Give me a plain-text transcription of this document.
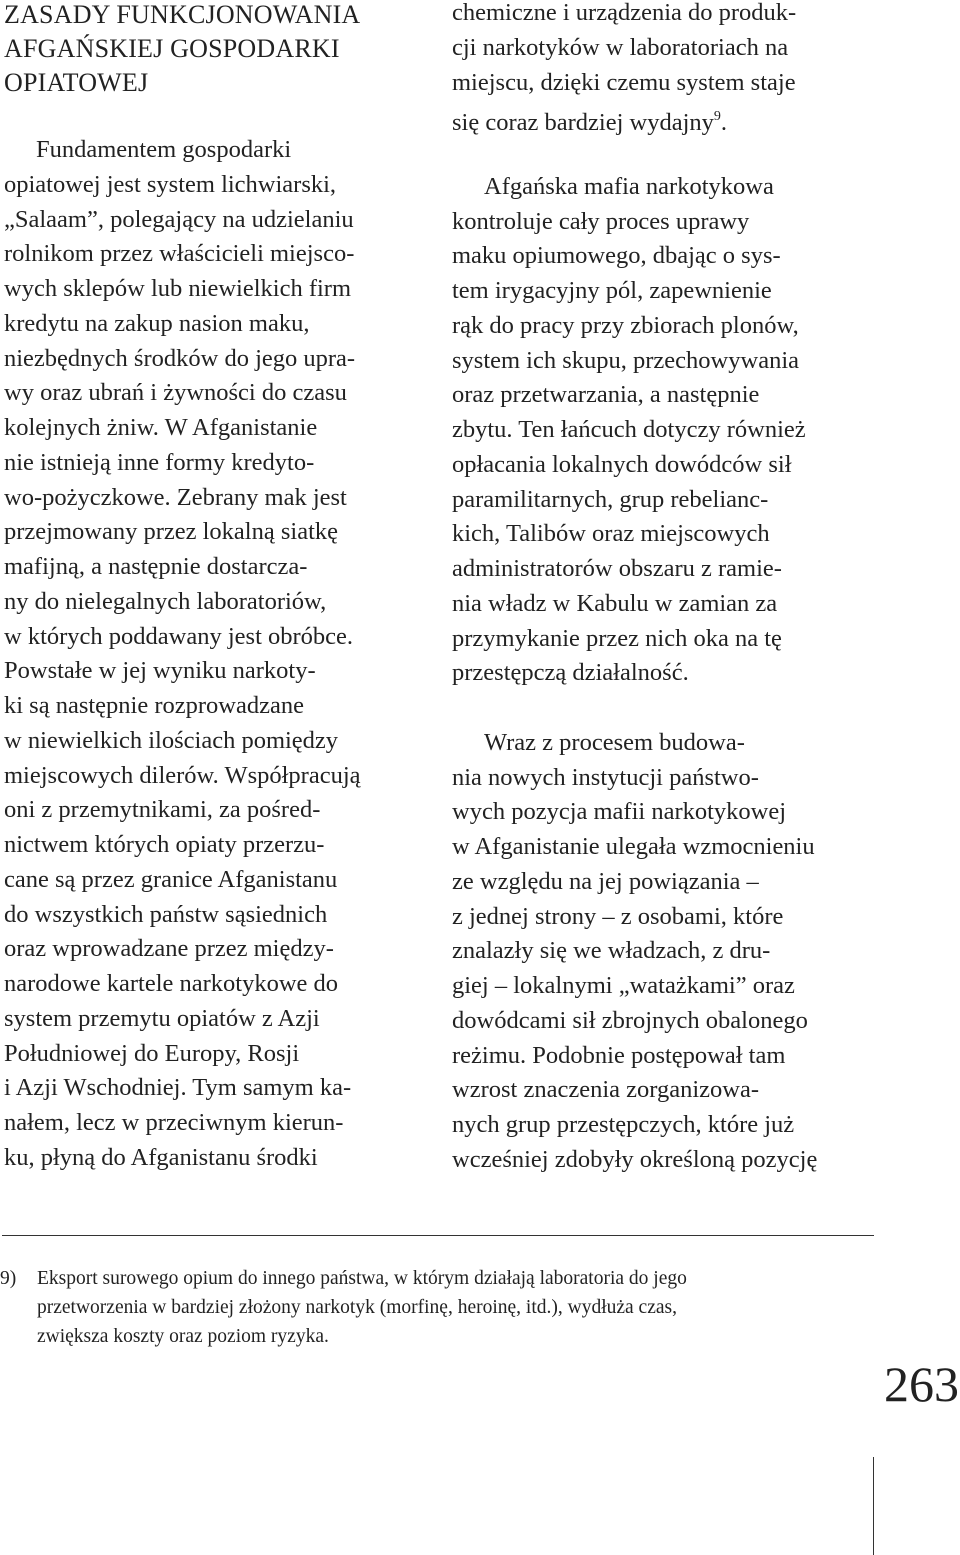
ZASADY FUNKCJONOWANIA
AFGAŃSKIEJ GOSPODARKI
OPIATOWEJ
Fundamentem gospodarki
opiatowej jest system lichwiarski,
„Salaam”, polegający na udzielaniu
rolnikom przez właścicieli miejsco-
wych sklepów lub niewielkich firm
kredytu na zakup nasion maku,
niezbędnych środków do jego upra-
wy oraz ubrań i żywności do czasu
kolejnych żniw. W Afganistanie
nie istnieją inne formy kredyto-
wo-pożyczkowe. Zebrany mak jest
przejmowany przez lokalną siatkę
mafijną, a następnie dostarcza-
ny do nielegalnych laboratoriów,
w których poddawany jest obróbce.
Powstałe w jej wyniku narkoty-
ki są następnie rozprowadzane
w niewielkich ilościach pomiędzy
miejscowych dilerów. Współpracują
oni z przemytnikami, za pośred-
nictwem których opiaty przerzu-
cane są przez granice Afganistanu
do wszystkich państw sąsiednich
oraz wprowadzane przez między-
narodowe kartele narkotykowe do
system przemytu opiatów z Azji
Południowej do Europy, Rosji
i Azji Wschodniej. Tym samym ka-
nałem, lecz w przeciwnym kierun-
ku, płyną do Afganistanu środki
chemiczne i urządzenia do produk-
cji narkotyków w laboratoriach na
miejscu, dzięki czemu system staje
się coraz bardziej wydajny$^9$.
Afgańska mafia narkotykowa
kontroluje cały proces uprawy
maku opiumowego, dbając o sys-
tem irygacyjny pól, zapewnienie
rąk do pracy przy zbiorach plonów,
system ich skupu, przechowywania
oraz przetwarzania, a następnie
zbytu. Ten łańcuch dotyczy również
opłacania lokalnych dowódców sił
paramilitarnych, grup rebelianc-
kich, Talibów oraz miejscowych
administratorów obszaru z ramie-
nia władz w Kabulu w zamian za
przymykanie przez nich oka na tę
przestępczą działalność.
Wraz z procesem budowa-
nia nowych instytucji państwo-
wych pozycja mafii narkotykowej
w Afganistanie ulegała wzmocnieniu
ze względu na jej powiązania –
z jednej strony – z osobami, które
znalazły się we władzach, z dru-
giej – lokalnymi „watażkami” oraz
dowódcami sił zbrojnych obalonego
reżimu. Podobnie postępował tam
wzrost znaczenia zorganizowa-
nych grup przestępczych, które już
wcześniej zdobyły określoną pozycję
9) Eksport surowego opium do innego państwa, w którym działają laboratoria do jego
przetworzenia w bardziej złożony narkotyk (morfinę, heroinę, itd.), wydłuża czas,
zwiększa koszty oraz poziom ryzyka.
263
